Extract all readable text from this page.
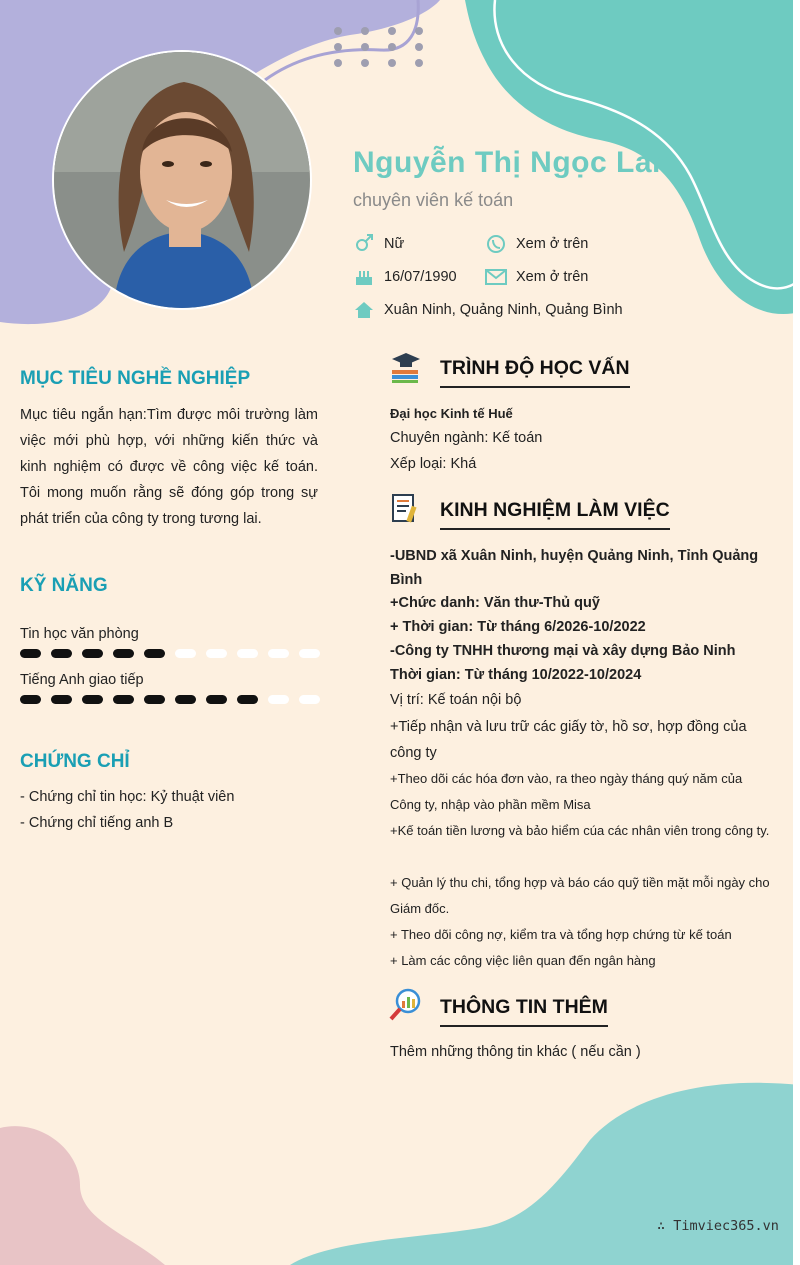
Nguyễn Thị Ngọc Lan
chuyên viên kế toán
Nữ	Xem ở trên
16/07/1990	Xem ở trên
Xuân Ninh, Quảng Ninh, Quảng Bình
MỤC TIÊU NGHỀ NGHIỆP
Mục tiêu ngắn hạn:Tìm được môi trường làm việc mới phù hợp, với những kiến thức và kinh nghiệm có được về công việc kế toán. Tôi mong muốn rằng sẽ đóng góp trong sự phát triển của công ty trong tương lai.
KỸ NĂNG
Tin học văn phòng
Tiếng Anh giao tiếp
CHỨNG CHỈ
- Chứng chỉ tin học: Kỷ thuật viên
- Chứng chỉ tiếng anh B
TRÌNH ĐỘ HỌC VẤN
Đại học Kinh tế Huế
Chuyên ngành: Kế toán
Xếp loại: Khá
KINH NGHIỆM LÀM VIỆC
-UBND xã Xuân Ninh, huyện Quảng Ninh, Tỉnh Quảng Bình
+Chức danh: Văn thư-Thủ quỹ
+ Thời gian: Từ tháng 6/2026-10/2022
-Công ty TNHH thương mại và xây dựng Bảo Ninh
Thời gian: Từ tháng 10/2022-10/2024
Vị trí: Kế toán nội bộ
+Tiếp nhận và lưu trữ các giấy tờ, hồ sơ, hợp đồng của công ty
+Theo dõi các hóa đơn vào, ra theo ngày tháng quý năm của Công ty, nhập vào phần mềm Misa
+Kế toán tiền lương và bảo hiểm cúa các nhân viên trong công ty.
+ Quản lý thu chi, tổng hợp và báo cáo quỹ tiền mặt mỗi ngày cho Giám đốc.
+ Theo dõi công nợ, kiểm tra và tổng hợp chứng từ kế toán
+ Làm các công việc liên quan đến ngân hàng
THÔNG TIN THÊM
Thêm những thông tin khác ( nếu cần )
∴ Timviec365.vn
